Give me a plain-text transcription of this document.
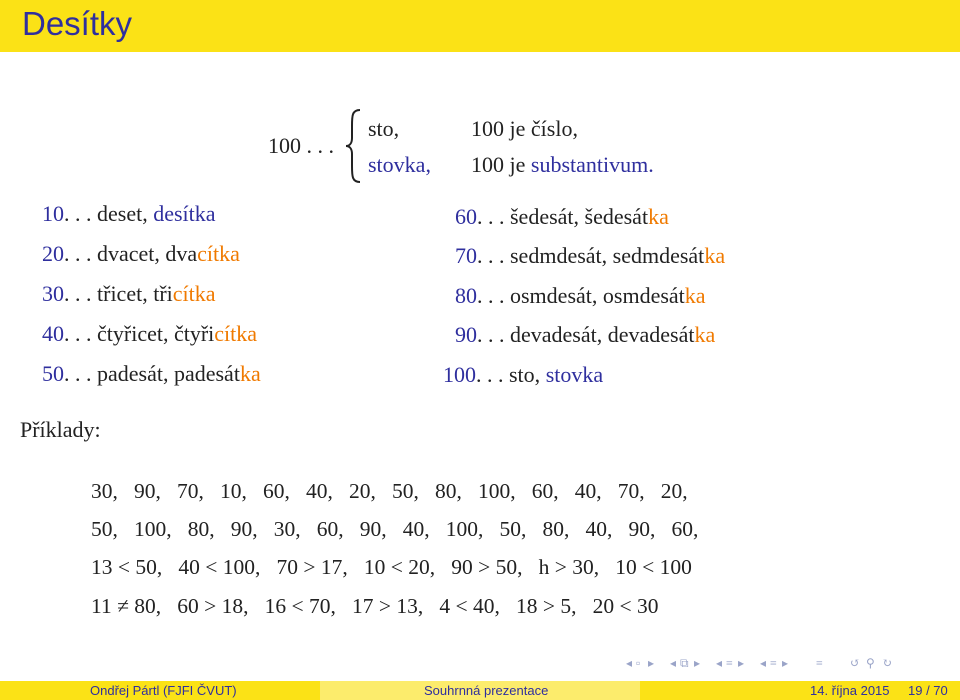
Desítky
100 . . .
sto,	100 je číslo,
stovka, 100 je substantivum.
10. . . deset, desítka
20. . . dvacet, dvacítka
30. . . třicet, třicítka
40. . . čtyřicet, čtyřicítka
50. . . padesát, padesátka
60. . . šedesát, šedesátka
70. . . sedmdesát, sedmdesátka
80. . . osmdesát, osmdesátka
90. . . devadesát, devadesátka
100. . . sto, stovka
Příklady:
30,   90,   70,   10,   60,   40,   20,   50,   80,   100,   60,   40,   70,   20,
50,   100,   80,   90,   30,   60,   90,   40,   100,   50,   80,   40,   90,   60,
13 < 50,   40 < 100,   70 > 17,   10 < 20,   90 > 50,   h > 30,   10 < 100
11 ≠ 80,   60 > 18,   16 < 70,   17 > 13,   4 < 40,   18 > 5,   20 < 30
◂ ▫ ▸ ◂ ⧉ ▸ ◂ ≡ ▸ ◂ ≡ ▸ ≡ ↺ ⚲ ↻
Ondřej Pártl (FJFI ČVUT)	Souhrnná prezentace	14. října 2015 19 / 70
